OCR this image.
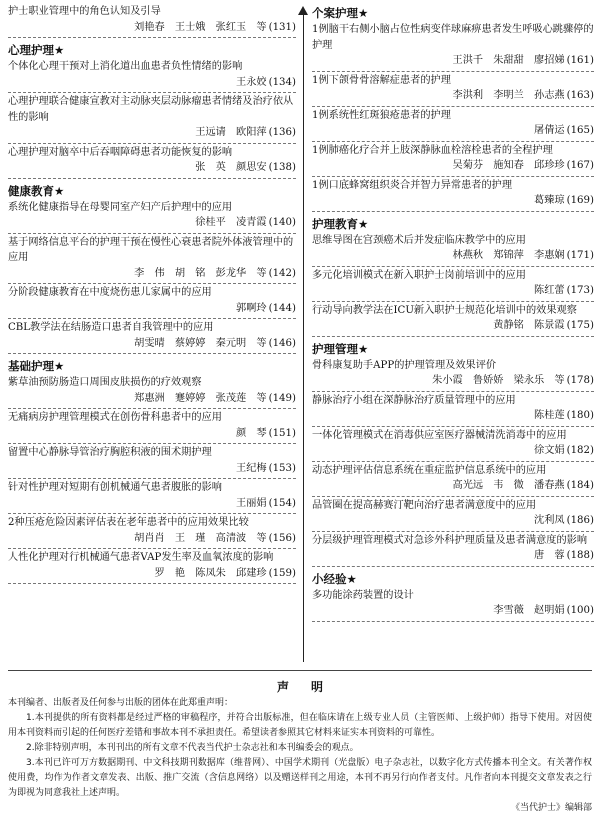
护士职业管理中的角色认知及引导
刘艳春　王士娥　张红玉　等 (131)
心理护理★
个体化心理干预对上消化道出血患者负性情绪的影响
王永姣 (134)
心理护理联合健康宣教对主动脉夹层动脉瘤患者情绪及治疗依从性的影响
王远请　欧阳萍 (136)
心理护理对脑卒中后吞咽障碍患者功能恢复的影响
张　英　颜思安 (138)
健康教育★
系统化健康指导在母婴同室产妇产后护理中的应用
徐桂平　凌青霞 (140)
基于网络信息平台的护理干预在慢性心衰患者院外体液管理中的应用
李　伟　胡　铭　彭龙华　等 (142)
分阶段健康教育在中度烧伤患儿家属中的应用
郭啊玲 (144)
CBL教学法在结肠造口患者自我管理中的应用
胡雯晴　蔡婷婷　秦元明　等 (146)
基础护理★
紫草油预防肠造口周围皮肤损伤的疗效观察
郑惠洲　蹇婷婷　张茂莲　等 (149)
无痛病房护理管理模式在创伤骨科患者中的应用
颜　琴 (151)
留置中心静脉导管治疗胸腔积液的围术期护理
王纪梅 (153)
针对性护理对短期有创机械通气患者腹胀的影响
王丽娟 (154)
2种压疮危险因素评估表在老年患者中的应用效果比较
胡肖肖　王　瑾　高清波　等 (156)
人性化护理对行机械通气患者VAP发生率及血氧浓度的影响
罗　艳　陈凤朱　邱建珍 (159)
个案护理★
1例脑干右侧小脑占位性病变伴球麻痹患者发生呼吸心跳骤停的护理
王洪千　朱甜甜　廖招娣 (161)
1例下颌骨骨溶解症患者的护理
李洪利　李明兰　孙志燕 (163)
1例系统性红斑狼疮患者的护理
屠倩运 (165)
1例肺癌化疗合并上肢深静脉血栓溶栓患者的全程护理
吴菊芬　施知春　邱珍珍 (167)
1例口底蜂窝组织炎合并智力异常患者的护理
葛臻琼 (169)
护理教育★
思维导图在宫颈癌术后并发症临床教学中的应用
林燕秋　郑锦萍　李惠娴 (171)
多元化培训模式在新入职护士岗前培训中的应用
陈红蕾 (173)
行动导向教学法在ICU新入职护士规范化培训中的效果观察
黄静铭　陈景霞 (175)
护理管理★
骨科康复助手APP的护理管理及效果评价
朱小霞　鲁娇娇　梁永乐　等 (178)
静脉治疗小组在深静脉治疗质量管理中的应用
陈桂莲 (180)
一体化管理模式在消毒供应室医疗器械清洗消毒中的应用
徐文娟 (182)
动态护理评估信息系统在重症监护信息系统中的应用
高光远　韦　微　潘春燕 (184)
品管圈在提高赫赛汀靶向治疗患者满意度中的应用
沈利凤 (186)
分层级护理管理模式对急诊外科护理质量及患者满意度的影响
唐　蓉 (188)
小经验★
多功能涂药装置的设计
李雪薇　赵明娟 (100)
声明

本刊编者、出版者及任何参与出版的团体在此郑重声明：

1.本刊提供的所有资料都是经过严格的审稿程序，并符合出版标准，但在临床请在上级专业人员（主管医师、上级护师）指导下使用。对因使用本刊资料而引起的任何医疗差错和事故本刊不承担责任。希望读者参照其它材料来证实本刊资料的可靠性。

2.除非特别声明，本刊刊出的所有文章不代表当代护士杂志社和本刊编委会的观点。

3.本刊已许可万方数据期刊、中文科技期刊数据库（维普网）、中国学术期刊（光盘版）电子杂志社，以数字化方式传播本刊全文。有关著作权使用费，均作为作者文章发表、出版、推广交流（含信息网络）以及赠送样刊之用途，本刊不再另行向作者支付。凡作者向本刊提交文章发表之行为即视为同意我社上述声明。

《当代护士》编辑部
